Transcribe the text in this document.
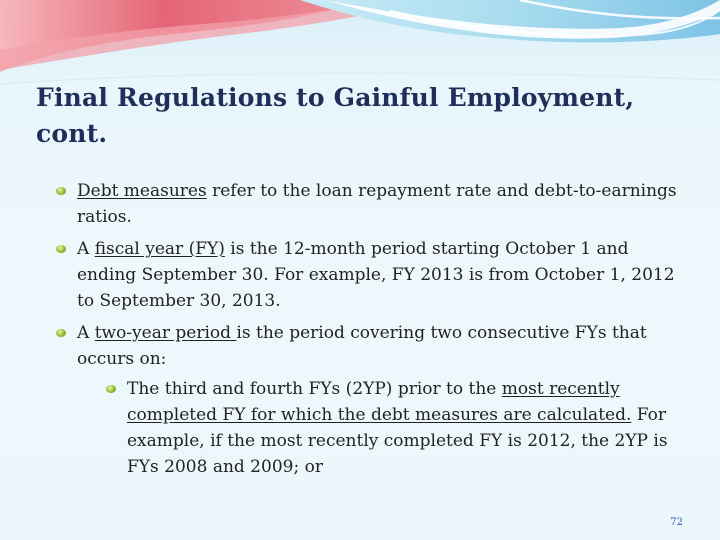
Final Regulations to Gainful Employment, cont.
Debt measures refer to the loan repayment rate and debt-to-earnings ratios.
A fiscal year (FY) is the 12-month period starting October 1 and ending September 30. For example, FY 2013 is from October 1, 2012 to September 30, 2013.
A two-year period is the period covering two consecutive FYs that occurs on:
The third and fourth FYs (2YP) prior to the most recently completed FY for which the debt measures are calculated. For example, if the most recently completed FY is 2012, the 2YP is FYs 2008 and 2009; or
72
